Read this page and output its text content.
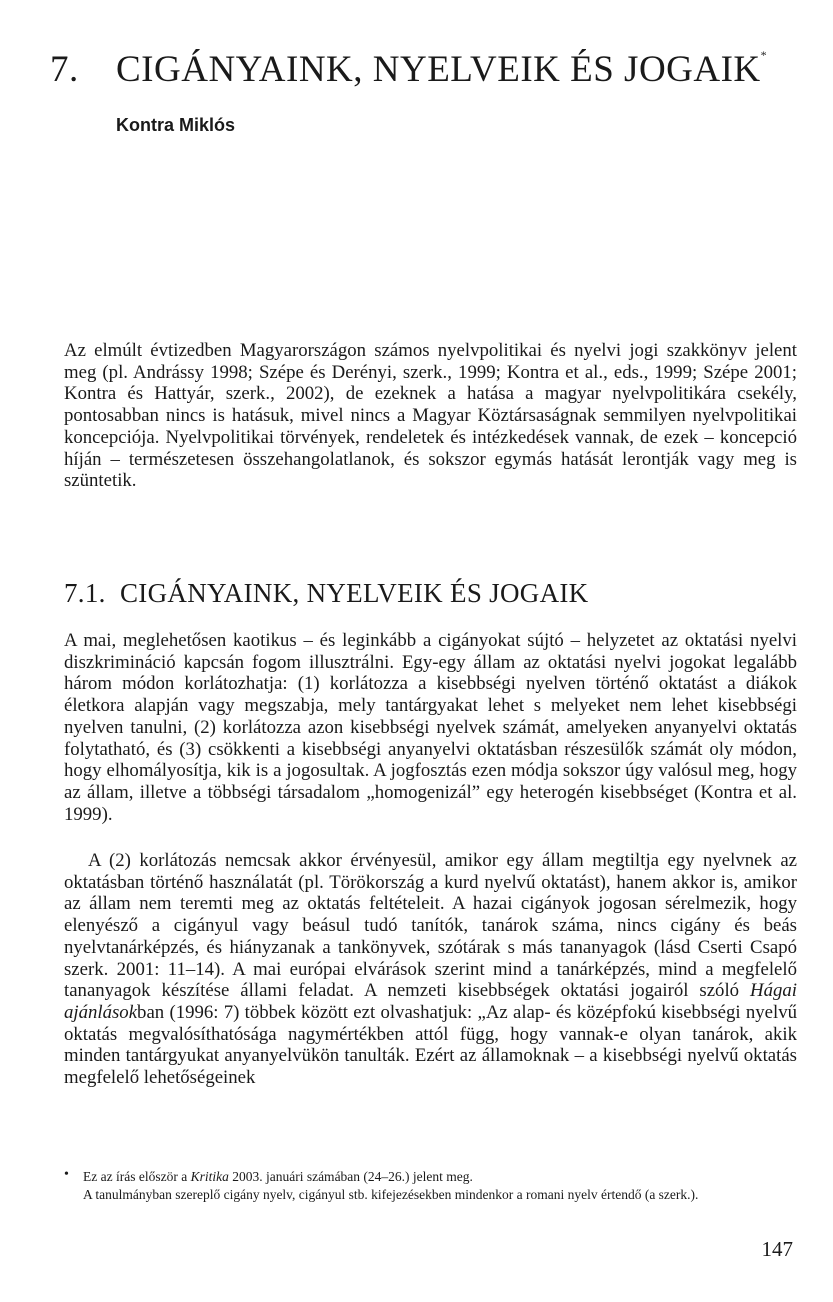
7. CIGÁNYAINK, NYELVEIK ÉS JOGAIK*
Kontra Miklós

Az elmúlt évtizedben Magyarországon számos nyelvpolitikai és nyelvi jogi szakkönyv jelent meg (pl. Andrássy 1998; Szépe és Derényi, szerk., 1999; Kontra et al., eds., 1999; Szépe 2001; Kontra és Hattyár, szerk., 2002), de ezeknek a hatása a magyar nyelvpolitikára csekély, pontosabban nincs is hatásuk, mivel nincs a Magyar Köztársaságnak semmilyen nyelvpolitikai koncepciója. Nyelvpolitikai törvények, rendeletek és intézkedések vannak, de ezek – koncepció híján – természetesen összehangolatlanok, és sokszor egymás hatását lerontják vagy meg is szüntetik.

7.1. CIGÁNYAINK, NYELVEIK ÉS JOGAIK

A mai, meglehetősen kaotikus – és leginkább a cigányokat sújtó – helyzetet az oktatási nyelvi diszkrimináció kapcsán fogom illusztrálni. Egy-egy állam az oktatási nyelvi jogokat legalább három módon korlátozhatja: (1) korlátozza a kisebbségi nyelven történő oktatást a diákok életkora alapján vagy megszabja, mely tantárgyakat lehet s melyeket nem lehet kisebbségi nyelven tanulni, (2) korlátozza azon kisebbségi nyelvek számát, amelyeken anyanyelvi oktatás folytatható, és (3) csökkenti a kisebbségi anyanyelvi oktatásban részesülők számát oly módon, hogy elhomályosítja, kik is a jogosultak. A jogfosztás ezen módja sokszor úgy valósul meg, hogy az állam, illetve a többségi társadalom „homogenizál” egy heterogén kisebbséget (Kontra et al. 1999).

A (2) korlátozás nemcsak akkor érvényesül, amikor egy állam megtiltja egy nyelvnek az oktatásban történő használatát (pl. Törökország a kurd nyelvű oktatást), hanem akkor is, amikor az állam nem teremti meg az oktatás feltételeit. A hazai cigányok jogosan sérelmezik, hogy elenyésző a cigányul vagy beásul tudó tanítók, tanárok száma, nincs cigány és beás nyelvtanárképzés, és hiányzanak a tankönyvek, szótárak s más tananyagok (lásd Cserti Csapó szerk. 2001: 11–14). A mai európai elvárások szerint mind a tanárképzés, mind a megfelelő tananyagok készítése állami feladat. A nemzeti kisebbségek oktatási jogairól szóló Hágai ajánlásokban (1996: 7) többek között ezt olvashatjuk: „Az alap- és középfokú kisebbségi nyelvű oktatás megvalósíthatósága nagymértékben attól függ, hogy vannak-e olyan tanárok, akik minden tantárgyukat anyanyelvükön tanulták. Ezért az államoknak – a kisebbségi nyelvű oktatás megfelelő lehetőségeinek

• Ez az írás először a Kritika 2003. januári számában (24–26.) jelent meg.
A tanulmányban szereplő cigány nyelv, cigányul stb. kifejezésekben mindenkor a romani nyelv értendő (a szerk.).
147
